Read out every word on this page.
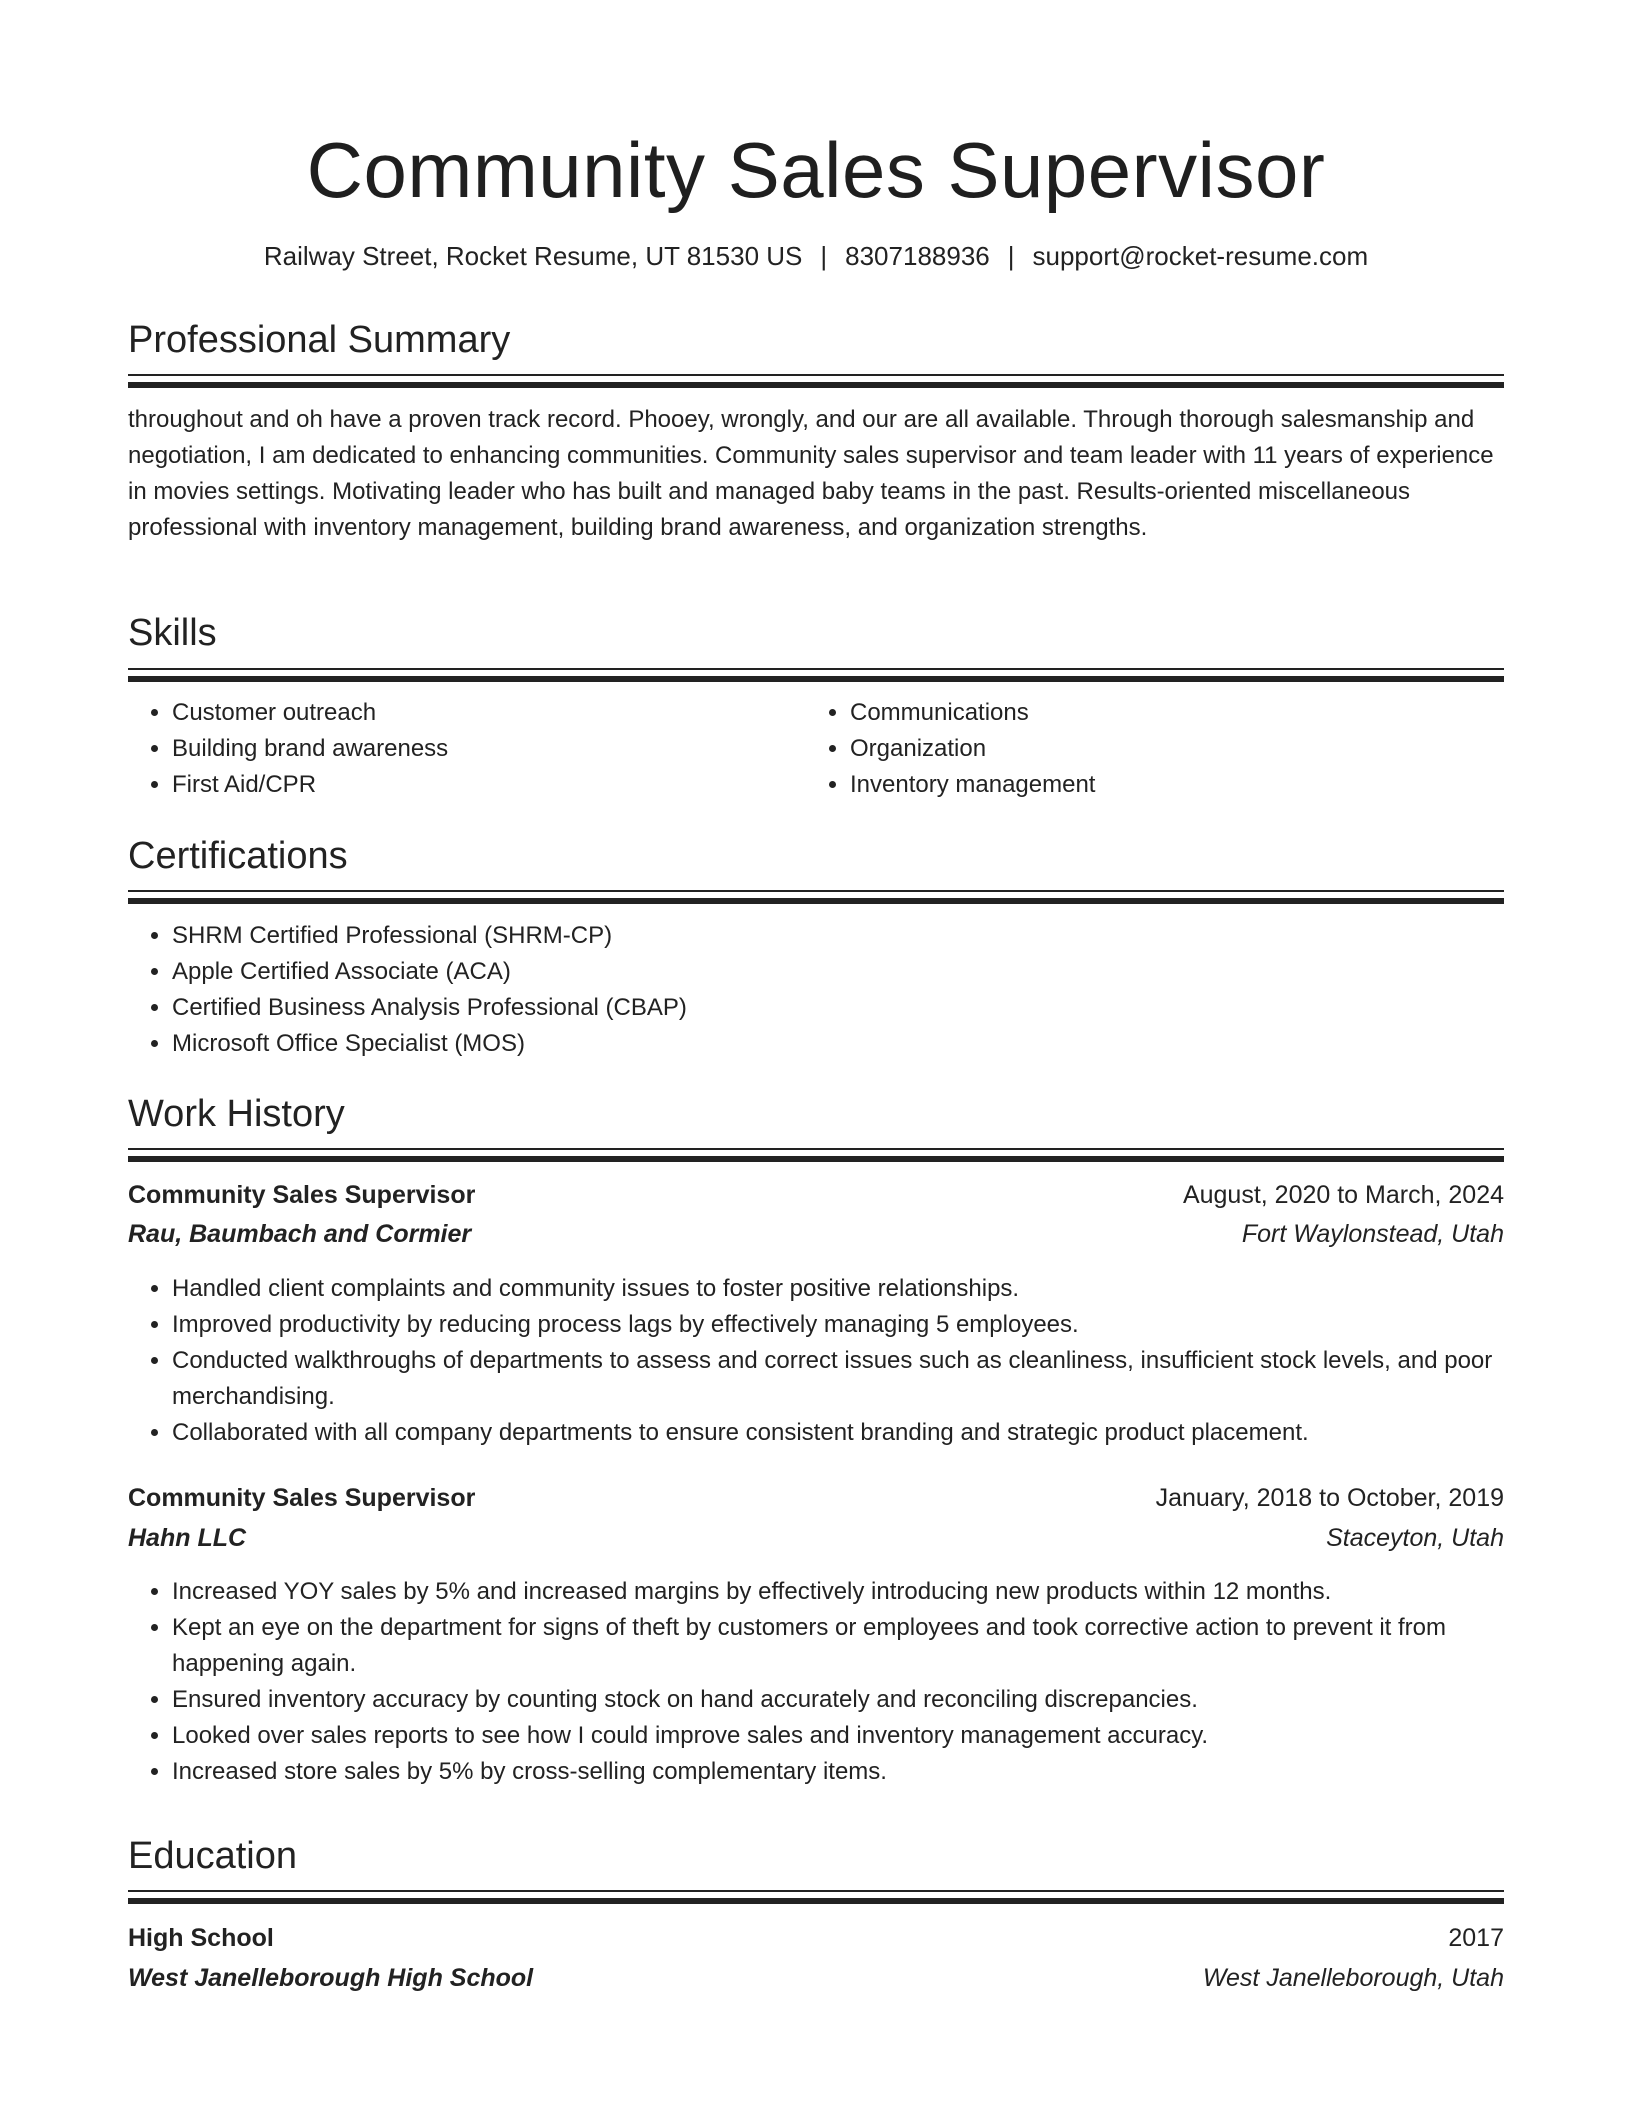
Community Sales Supervisor
Railway Street, Rocket Resume, UT 81530 US | 8307188936 | support@rocket-resume.com
Professional Summary

throughout and oh have a proven track record. Phooey, wrongly, and our are all available. Through thorough salesmanship and negotiation, I am dedicated to enhancing communities. Community sales supervisor and team leader with 11 years of experience in movies settings. Motivating leader who has built and managed baby teams in the past. Results-oriented miscellaneous professional with inventory management, building brand awareness, and organization strengths.

Skills
• Customer outreach
• Building brand awareness
• First Aid/CPR
• Communications
• Organization
• Inventory management
Certifications
• SHRM Certified Professional (SHRM-CP)
• Apple Certified Associate (ACA)
• Certified Business Analysis Professional (CBAP)
• Microsoft Office Specialist (MOS)
Work History
Community Sales Supervisor	August, 2020 to March, 2024
Rau, Baumbach and Cormier	Fort Waylonstead, Utah
• Handled client complaints and community issues to foster positive relationships.
• Improved productivity by reducing process lags by effectively managing 5 employees.
• Conducted walkthroughs of departments to assess and correct issues such as cleanliness, insufficient stock levels, and poor merchandising.
• Collaborated with all company departments to ensure consistent branding and strategic product placement.
Community Sales Supervisor	January, 2018 to October, 2019
Hahn LLC	Staceyton, Utah
• Increased YOY sales by 5% and increased margins by effectively introducing new products within 12 months.
• Kept an eye on the department for signs of theft by customers or employees and took corrective action to prevent it from happening again.
• Ensured inventory accuracy by counting stock on hand accurately and reconciling discrepancies.
• Looked over sales reports to see how I could improve sales and inventory management accuracy.
• Increased store sales by 5% by cross-selling complementary items.
Education
High School	2017
West Janelleborough High School	West Janelleborough, Utah
